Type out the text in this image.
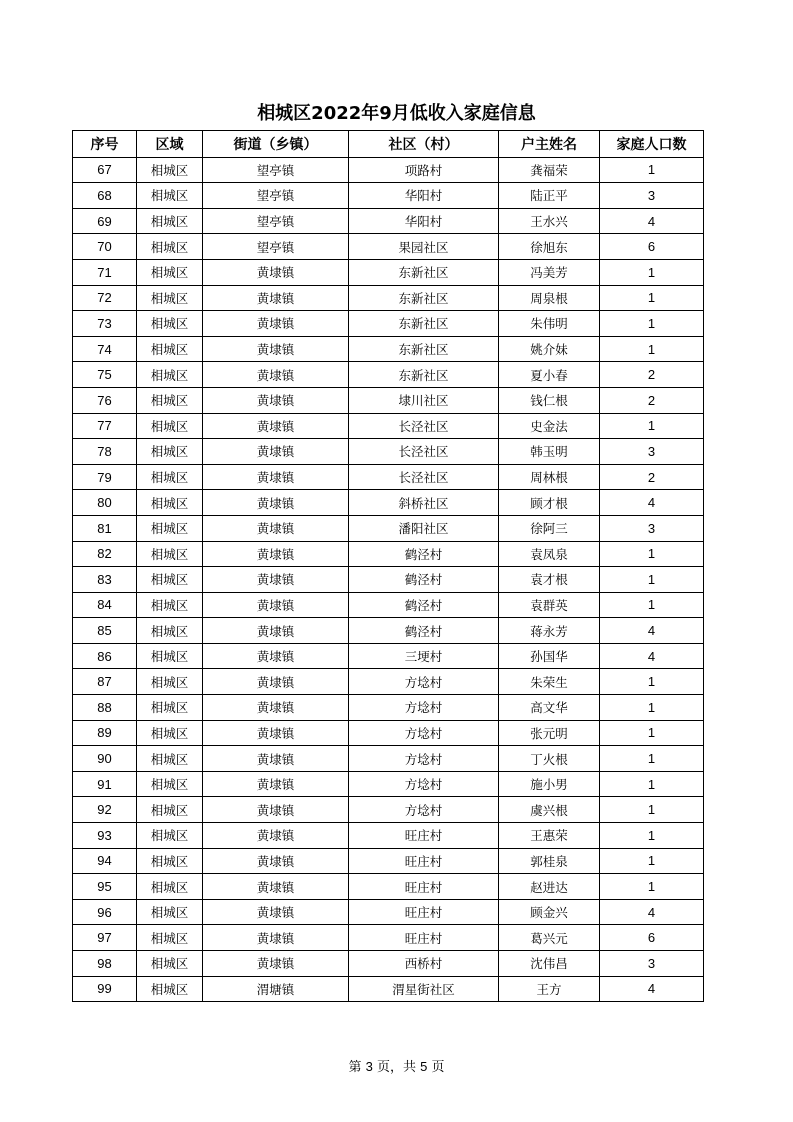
相城区2022年9月低收入家庭信息
序号	区域	街道（乡镇）	社区（村）	户主姓名	家庭人口数
67	相城区	望亭镇	项路村	龚福荣	1
68	相城区	望亭镇	华阳村	陆正平	3
69	相城区	望亭镇	华阳村	王水兴	4
70	相城区	望亭镇	果园社区	徐旭东	6
71	相城区	黄埭镇	东新社区	冯美芳	1
72	相城区	黄埭镇	东新社区	周泉根	1
73	相城区	黄埭镇	东新社区	朱伟明	1
74	相城区	黄埭镇	东新社区	姚介妹	1
75	相城区	黄埭镇	东新社区	夏小春	2
76	相城区	黄埭镇	埭川社区	钱仁根	2
77	相城区	黄埭镇	长泾社区	史金法	1
78	相城区	黄埭镇	长泾社区	韩玉明	3
79	相城区	黄埭镇	长泾社区	周林根	2
80	相城区	黄埭镇	斜桥社区	顾才根	4
81	相城区	黄埭镇	潘阳社区	徐阿三	3
82	相城区	黄埭镇	鹤泾村	袁凤泉	1
83	相城区	黄埭镇	鹤泾村	袁才根	1
84	相城区	黄埭镇	鹤泾村	袁群英	1
85	相城区	黄埭镇	鹤泾村	蒋永芳	4
86	相城区	黄埭镇	三埂村	孙国华	4
87	相城区	黄埭镇	方埝村	朱荣生	1
88	相城区	黄埭镇	方埝村	高文华	1
89	相城区	黄埭镇	方埝村	张元明	1
90	相城区	黄埭镇	方埝村	丁火根	1
91	相城区	黄埭镇	方埝村	施小男	1
92	相城区	黄埭镇	方埝村	虞兴根	1
93	相城区	黄埭镇	旺庄村	王惠荣	1
94	相城区	黄埭镇	旺庄村	郭桂泉	1
95	相城区	黄埭镇	旺庄村	赵进达	1
96	相城区	黄埭镇	旺庄村	顾金兴	4
97	相城区	黄埭镇	旺庄村	葛兴元	6
98	相城区	黄埭镇	西桥村	沈伟昌	3
99	相城区	渭塘镇	渭星街社区	王方	4
第 3 页，共 5 页
